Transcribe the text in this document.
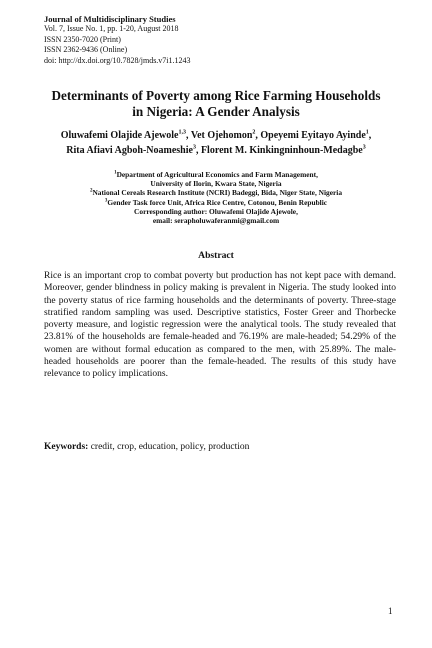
Journal of Multidisciplinary Studies
Vol. 7, Issue No. 1, pp. 1-20, August 2018
ISSN 2350-7020 (Print)
ISSN 2362-9436 (Online)
doi: http://dx.doi.org/10.7828/jmds.v7i1.1243
Determinants of Poverty among Rice Farming Households
in Nigeria: A Gender Analysis
Oluwafemi Olajide Ajewole$^{1,3}$, Vet Ojehomon$^2$, Opeyemi Eyitayo Ayinde$^1$,
Rita Afiavi Agboh-Noameshie$^3$, Florent M. Kinkingninhoun-Medagbe$^3$
$^1$Department of Agricultural Economics and Farm Management,
University of Ilorin, Kwara State, Nigeria
$^2$National Cereals Research Institute (NCRI) Badeggi, Bida, Niger State, Nigeria
$^3$Gender Task force Unit, Africa Rice Centre, Cotonou, Benin Republic
Corresponding author: Oluwafemi Olajide Ajewole,
email: serapholuwaferanmi@gmail.com
Abstract
Rice is an important crop to combat poverty but production has not kept pace with demand. Moreover, gender blindness in policy making is prevalent in Nigeria. The study looked into the poverty status of rice farming households and the determinants of poverty. Three-stage stratified random sampling was used. Descriptive statistics, Foster Greer and Thorbecke poverty measure, and logistic regression were the analytical tools. The study revealed that 23.81% of the households are female-headed and 76.19% are male-headed; 54.29% of the women are without formal education as compared to the men, with 25.89%. The male-headed households are poorer than the female-headed. The results of this study have relevance to policy implications.
Keywords: credit, crop, education, policy, production
1
